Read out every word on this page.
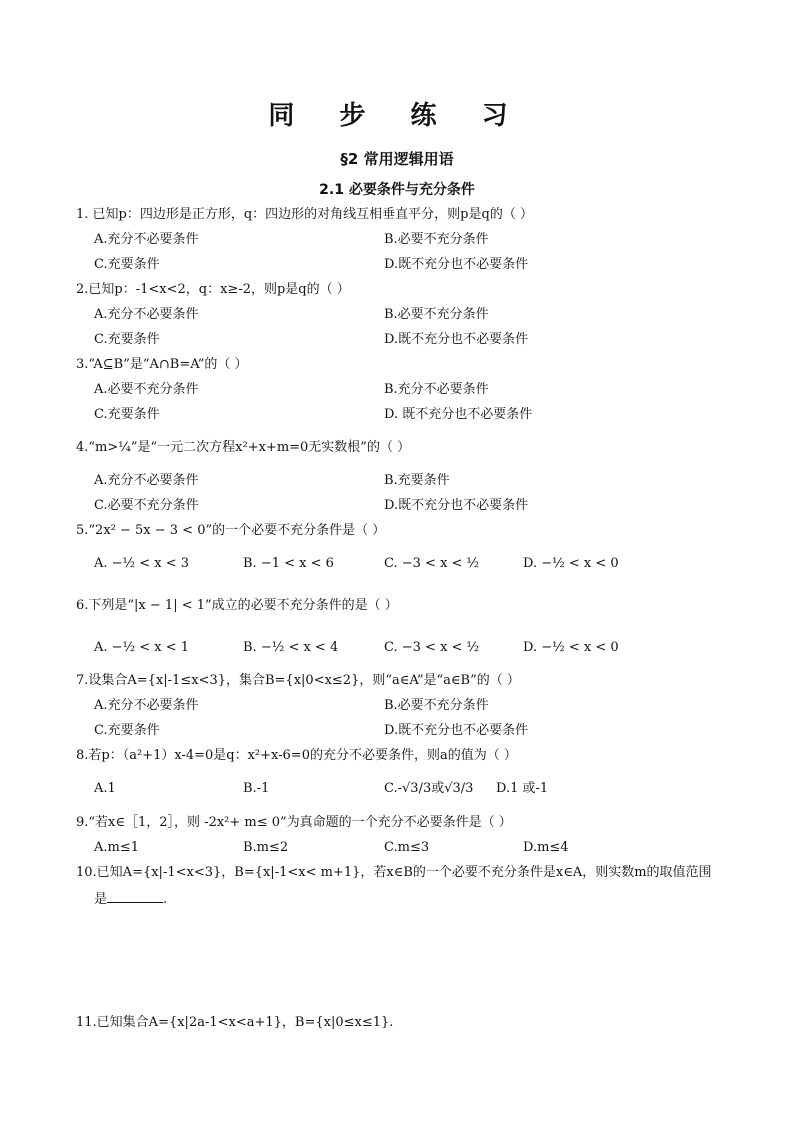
同 步 练 习
§2 常用逻辑用语
2.1 必要条件与充分条件
1. 已知p：四边形是正方形，q：四边形的对角线互相垂直平分，则p是q的（ ）
A.充分不必要条件	B.必要不充分条件
C.充要条件	D.既不充分也不必要条件
2.已知p：-1<x<2，q：x≥-2，则p是q的（ ）
A.充分不必要条件	B.必要不充分条件
C.充要条件	D.既不充分也不必要条件
3.“A⊆B”是“A∩B=A”的（ ）
A.必要不充分条件	B.充分不必要条件
C.充要条件	D. 既不充分也不必要条件
4.“m>¼”是“一元二次方程x²+x+m=0无实数根”的（ ）
A.充分不必要条件	B.充要条件
C.必要不充分条件	D.既不充分也不必要条件
5.“2x² − 5x − 3 < 0”的一个必要不充分条件是（ ）
A. −½ < x < 3	B. −1 < x < 6	C. −3 < x < ½	D. −½ < x < 0
6.下列是“|x − 1| < 1”成立的必要不充分条件的是（ ）
A. −½ < x < 1	B. −½ < x < 4	C. −3 < x < ½	D. −½ < x < 0
7.设集合A={x|-1≤x<3}，集合B={x|0<x≤2}，则“a∈A”是“a∈B”的（ ）
A.充分不必要条件	B.必要不充分条件
C.充要条件	D.既不充分也不必要条件
8.若p：（a²+1）x-4=0是q：x²+x-6=0的充分不必要条件，则a的值为（ ）
A.1	B.-1	C.-√3/3或√3/3 D.1 或-1
9.“若x∈［1，2］，则 -2x²+ m≤ 0”为真命题的一个充分不必要条件是（ ）
A.m≤1	B.m≤2	C.m≤3	D.m≤4
10.已知A={x|-1<x<3}，B={x|-1<x< m+1}，若x∈B的一个必要不充分条件是x∈A，则实数m的取值范围
是	.
11.已知集合A={x|2a-1<x<a+1}，B={x|0≤x≤1}.
